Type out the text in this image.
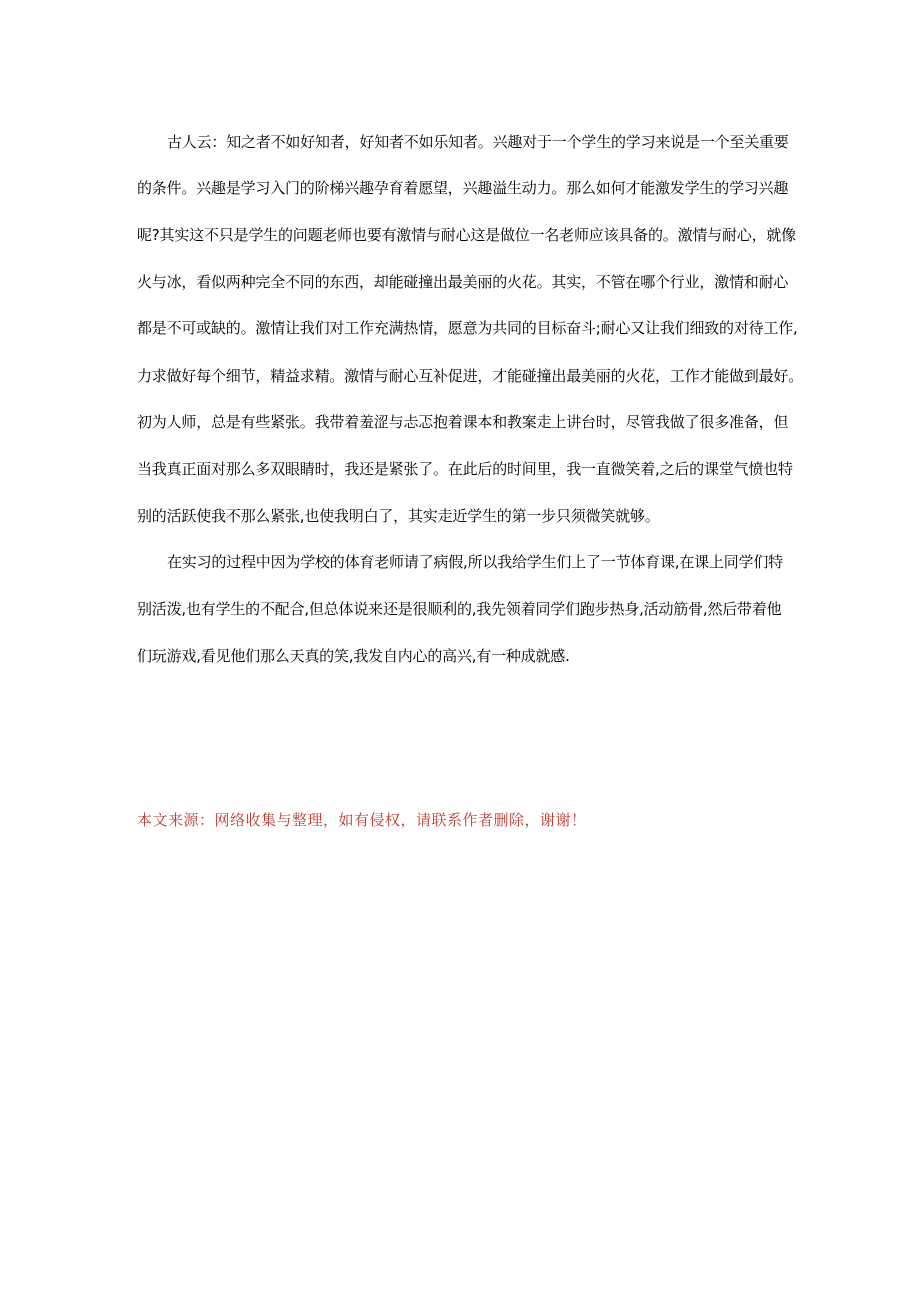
古人云：知之者不如好知者，好知者不如乐知者。兴趣对于一个学生的学习来说是一个至关重要
的条件。兴趣是学习入门的阶梯兴趣孕育着愿望，兴趣溢生动力。那么如何才能激发学生的学习兴趣
呢?其实这不只是学生的问题老师也要有激情与耐心这是做位一名老师应该具备的。激情与耐心，就像
火与冰，看似两种完全不同的东西，却能碰撞出最美丽的火花。其实，不管在哪个行业，激情和耐心
都是不可或缺的。激情让我们对工作充满热情，愿意为共同的目标奋斗;耐心又让我们细致的对待工作,
力求做好每个细节，精益求精。激情与耐心互补促进，才能碰撞出最美丽的火花，工作才能做到最好。
初为人师，总是有些紧张。我带着羞涩与忐忑抱着课本和教案走上讲台时，尽管我做了很多准备，但
当我真正面对那么多双眼睛时，我还是紧张了。在此后的时间里，我一直微笑着,之后的课堂气愤也特
别的活跃使我不那么紧张,也使我明白了，其实走近学生的第一步只须微笑就够。
在实习的过程中因为学校的体育老师请了病假,所以我给学生们上了一节体育课,在课上同学们特
别活泼,也有学生的不配合,但总体说来还是很顺利的,我先领着同学们跑步热身,活动筋骨,然后带着他
们玩游戏,看见他们那么天真的笑,我发自内心的高兴,有一种成就感.
本文来源：网络收集与整理，如有侵权，请联系作者删除，谢谢！
